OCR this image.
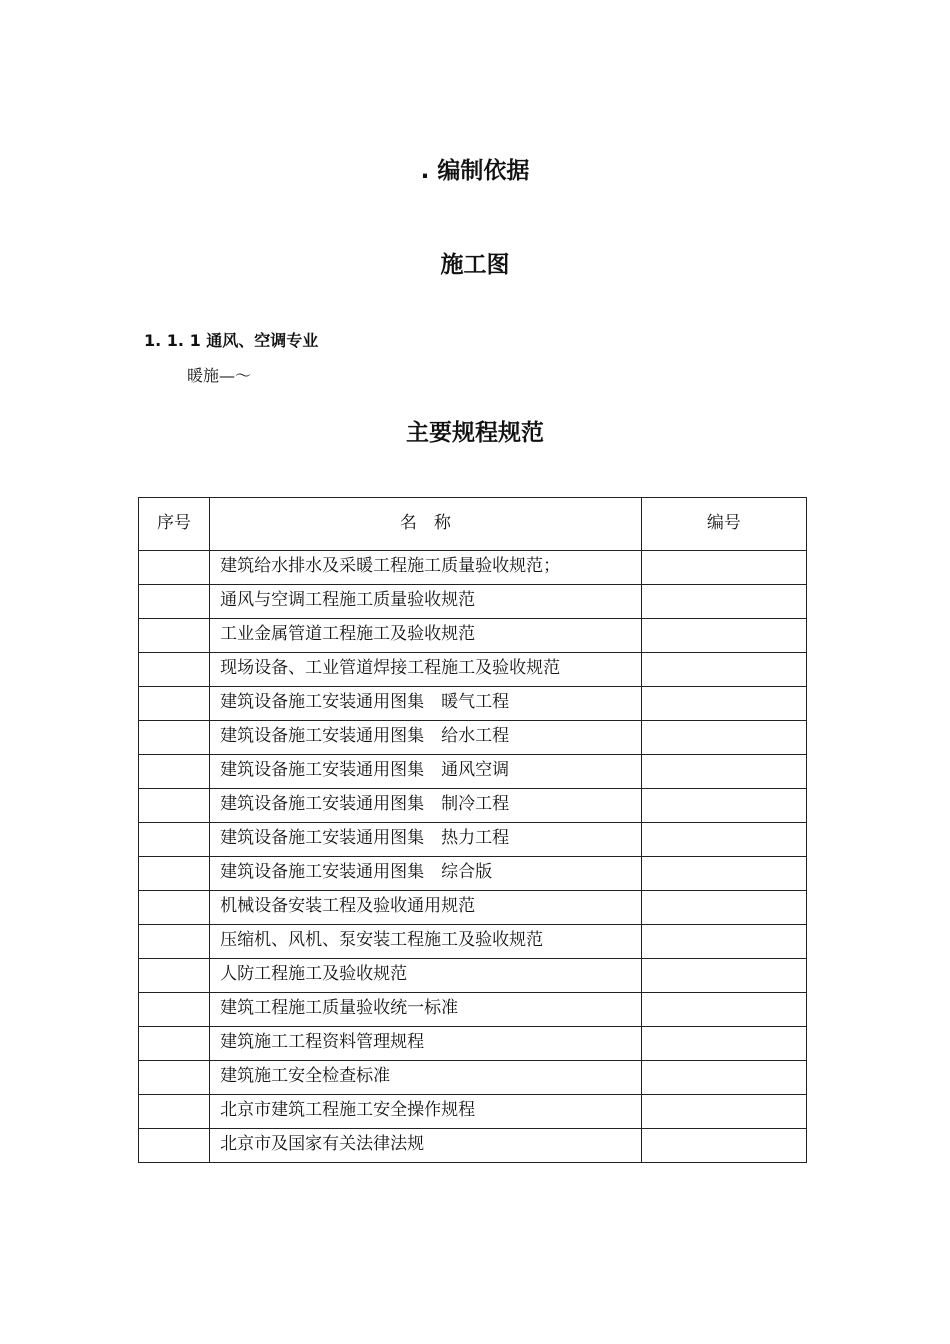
. 编制依据
施工图
1. 1. 1 通风、空调专业

暖施—～

主要规程规范
序号	名　称	编号
	建筑给水排水及采暖工程施工质量验收规范；	
	通风与空调工程施工质量验收规范	
	工业金属管道工程施工及验收规范	
	现场设备、工业管道焊接工程施工及验收规范	
	建筑设备施工安装通用图集　暖气工程	
	建筑设备施工安装通用图集　给水工程	
	建筑设备施工安装通用图集　通风空调	
	建筑设备施工安装通用图集　制冷工程	
	建筑设备施工安装通用图集　热力工程	
	建筑设备施工安装通用图集　综合版	
	机械设备安装工程及验收通用规范	
	压缩机、风机、泵安装工程施工及验收规范	
	人防工程施工及验收规范	
	建筑工程施工质量验收统一标准	
	建筑施工工程资料管理规程	
	建筑施工安全检查标准	
	北京市建筑工程施工安全操作规程	
	北京市及国家有关法律法规	
